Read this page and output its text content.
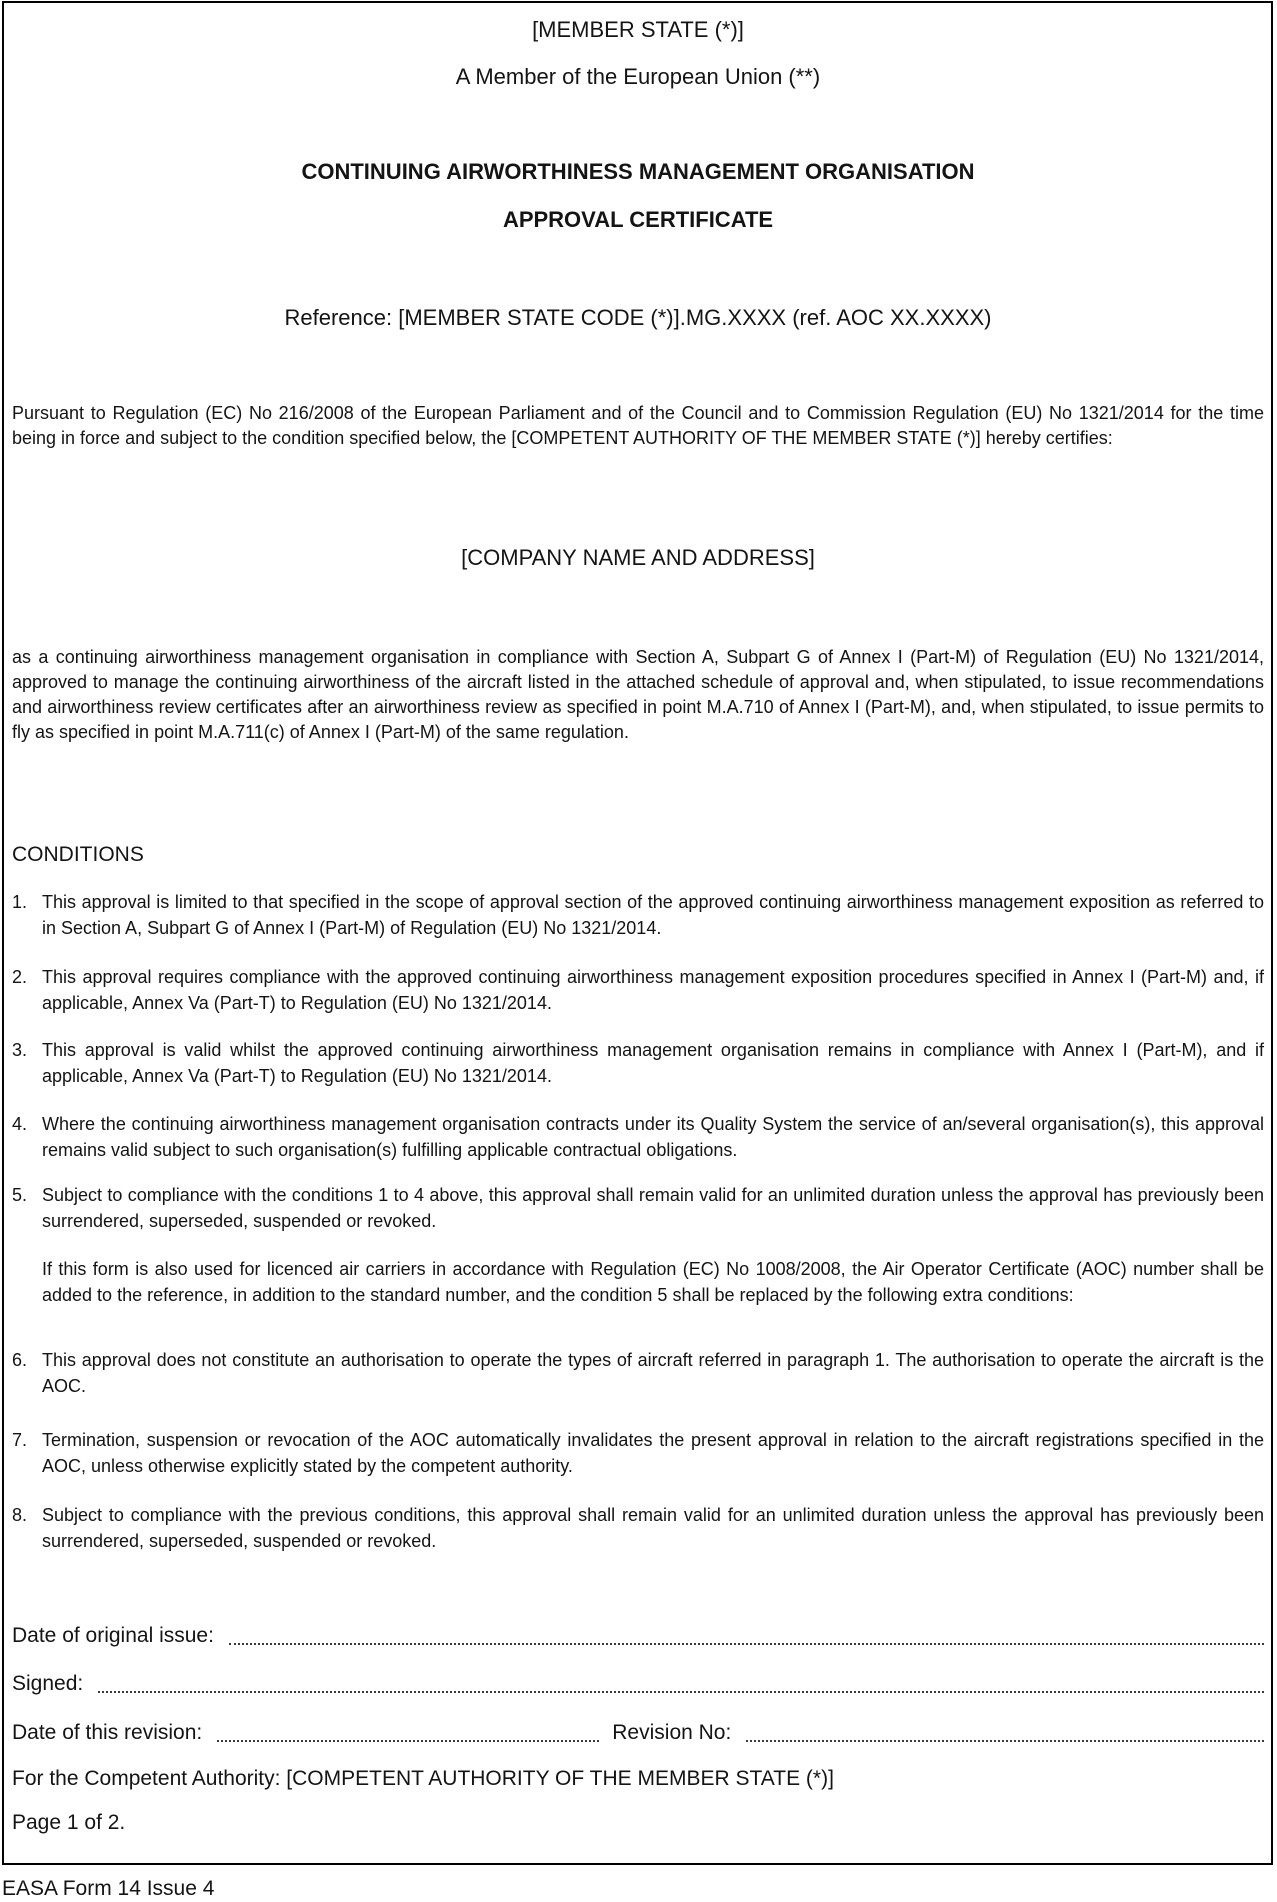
[MEMBER STATE (*)]
A Member of the European Union (**)
CONTINUING AIRWORTHINESS MANAGEMENT ORGANISATION
APPROVAL CERTIFICATE
Reference: [MEMBER STATE CODE (*)].MG.XXXX (ref. AOC XX.XXXX)
Pursuant to Regulation (EC) No 216/2008 of the European Parliament and of the Council and to Commission Regulation (EU) No 1321/2014 for the time being in force and subject to the condition specified below, the [COMPETENT AUTHORITY OF THE MEMBER STATE (*)] hereby certifies:
[COMPANY NAME AND ADDRESS]
as a continuing airworthiness management organisation in compliance with Section A, Subpart G of Annex I (Part-M) of Regulation (EU) No 1321/2014, approved to manage the continuing airworthiness of the aircraft listed in the attached schedule of approval and, when stipulated, to issue recommendations and airworthiness review certificates after an airworthiness review as specified in point M.A.710 of Annex I (Part-M), and, when stipulated, to issue permits to fly as specified in point M.A.711(c) of Annex I (Part-M) of the same regulation.
CONDITIONS
1. This approval is limited to that specified in the scope of approval section of the approved continuing airworthiness management exposition as referred to in Section A, Subpart G of Annex I (Part-M) of Regulation (EU) No 1321/2014.
2. This approval requires compliance with the approved continuing airworthiness management exposition procedures specified in Annex I (Part-M) and, if applicable, Annex Va (Part-T) to Regulation (EU) No 1321/2014.
3. This approval is valid whilst the approved continuing airworthiness management organisation remains in compliance with Annex I (Part-M), and if applicable, Annex Va (Part-T) to Regulation (EU) No 1321/2014.
4. Where the continuing airworthiness management organisation contracts under its Quality System the service of an/several organisation(s), this approval remains valid subject to such organisation(s) fulfilling applicable contractual obligations.
5. Subject to compliance with the conditions 1 to 4 above, this approval shall remain valid for an unlimited duration unless the approval has previously been surrendered, superseded, suspended or revoked.
If this form is also used for licenced air carriers in accordance with Regulation (EC) No 1008/2008, the Air Operator Certificate (AOC) number shall be added to the reference, in addition to the standard number, and the condition 5 shall be replaced by the following extra conditions:
6. This approval does not constitute an authorisation to operate the types of aircraft referred in paragraph 1. The authorisation to operate the aircraft is the AOC.
7. Termination, suspension or revocation of the AOC automatically invalidates the present approval in relation to the aircraft registrations specified in the AOC, unless otherwise explicitly stated by the competent authority.
8. Subject to compliance with the previous conditions, this approval shall remain valid for an unlimited duration unless the approval has previously been surrendered, superseded, suspended or revoked.
Date of original issue:
Signed:
Date of this revision:	Revision No:
For the Competent Authority: [COMPETENT AUTHORITY OF THE MEMBER STATE (*)]
Page 1 of 2.
EASA Form 14 Issue 4
